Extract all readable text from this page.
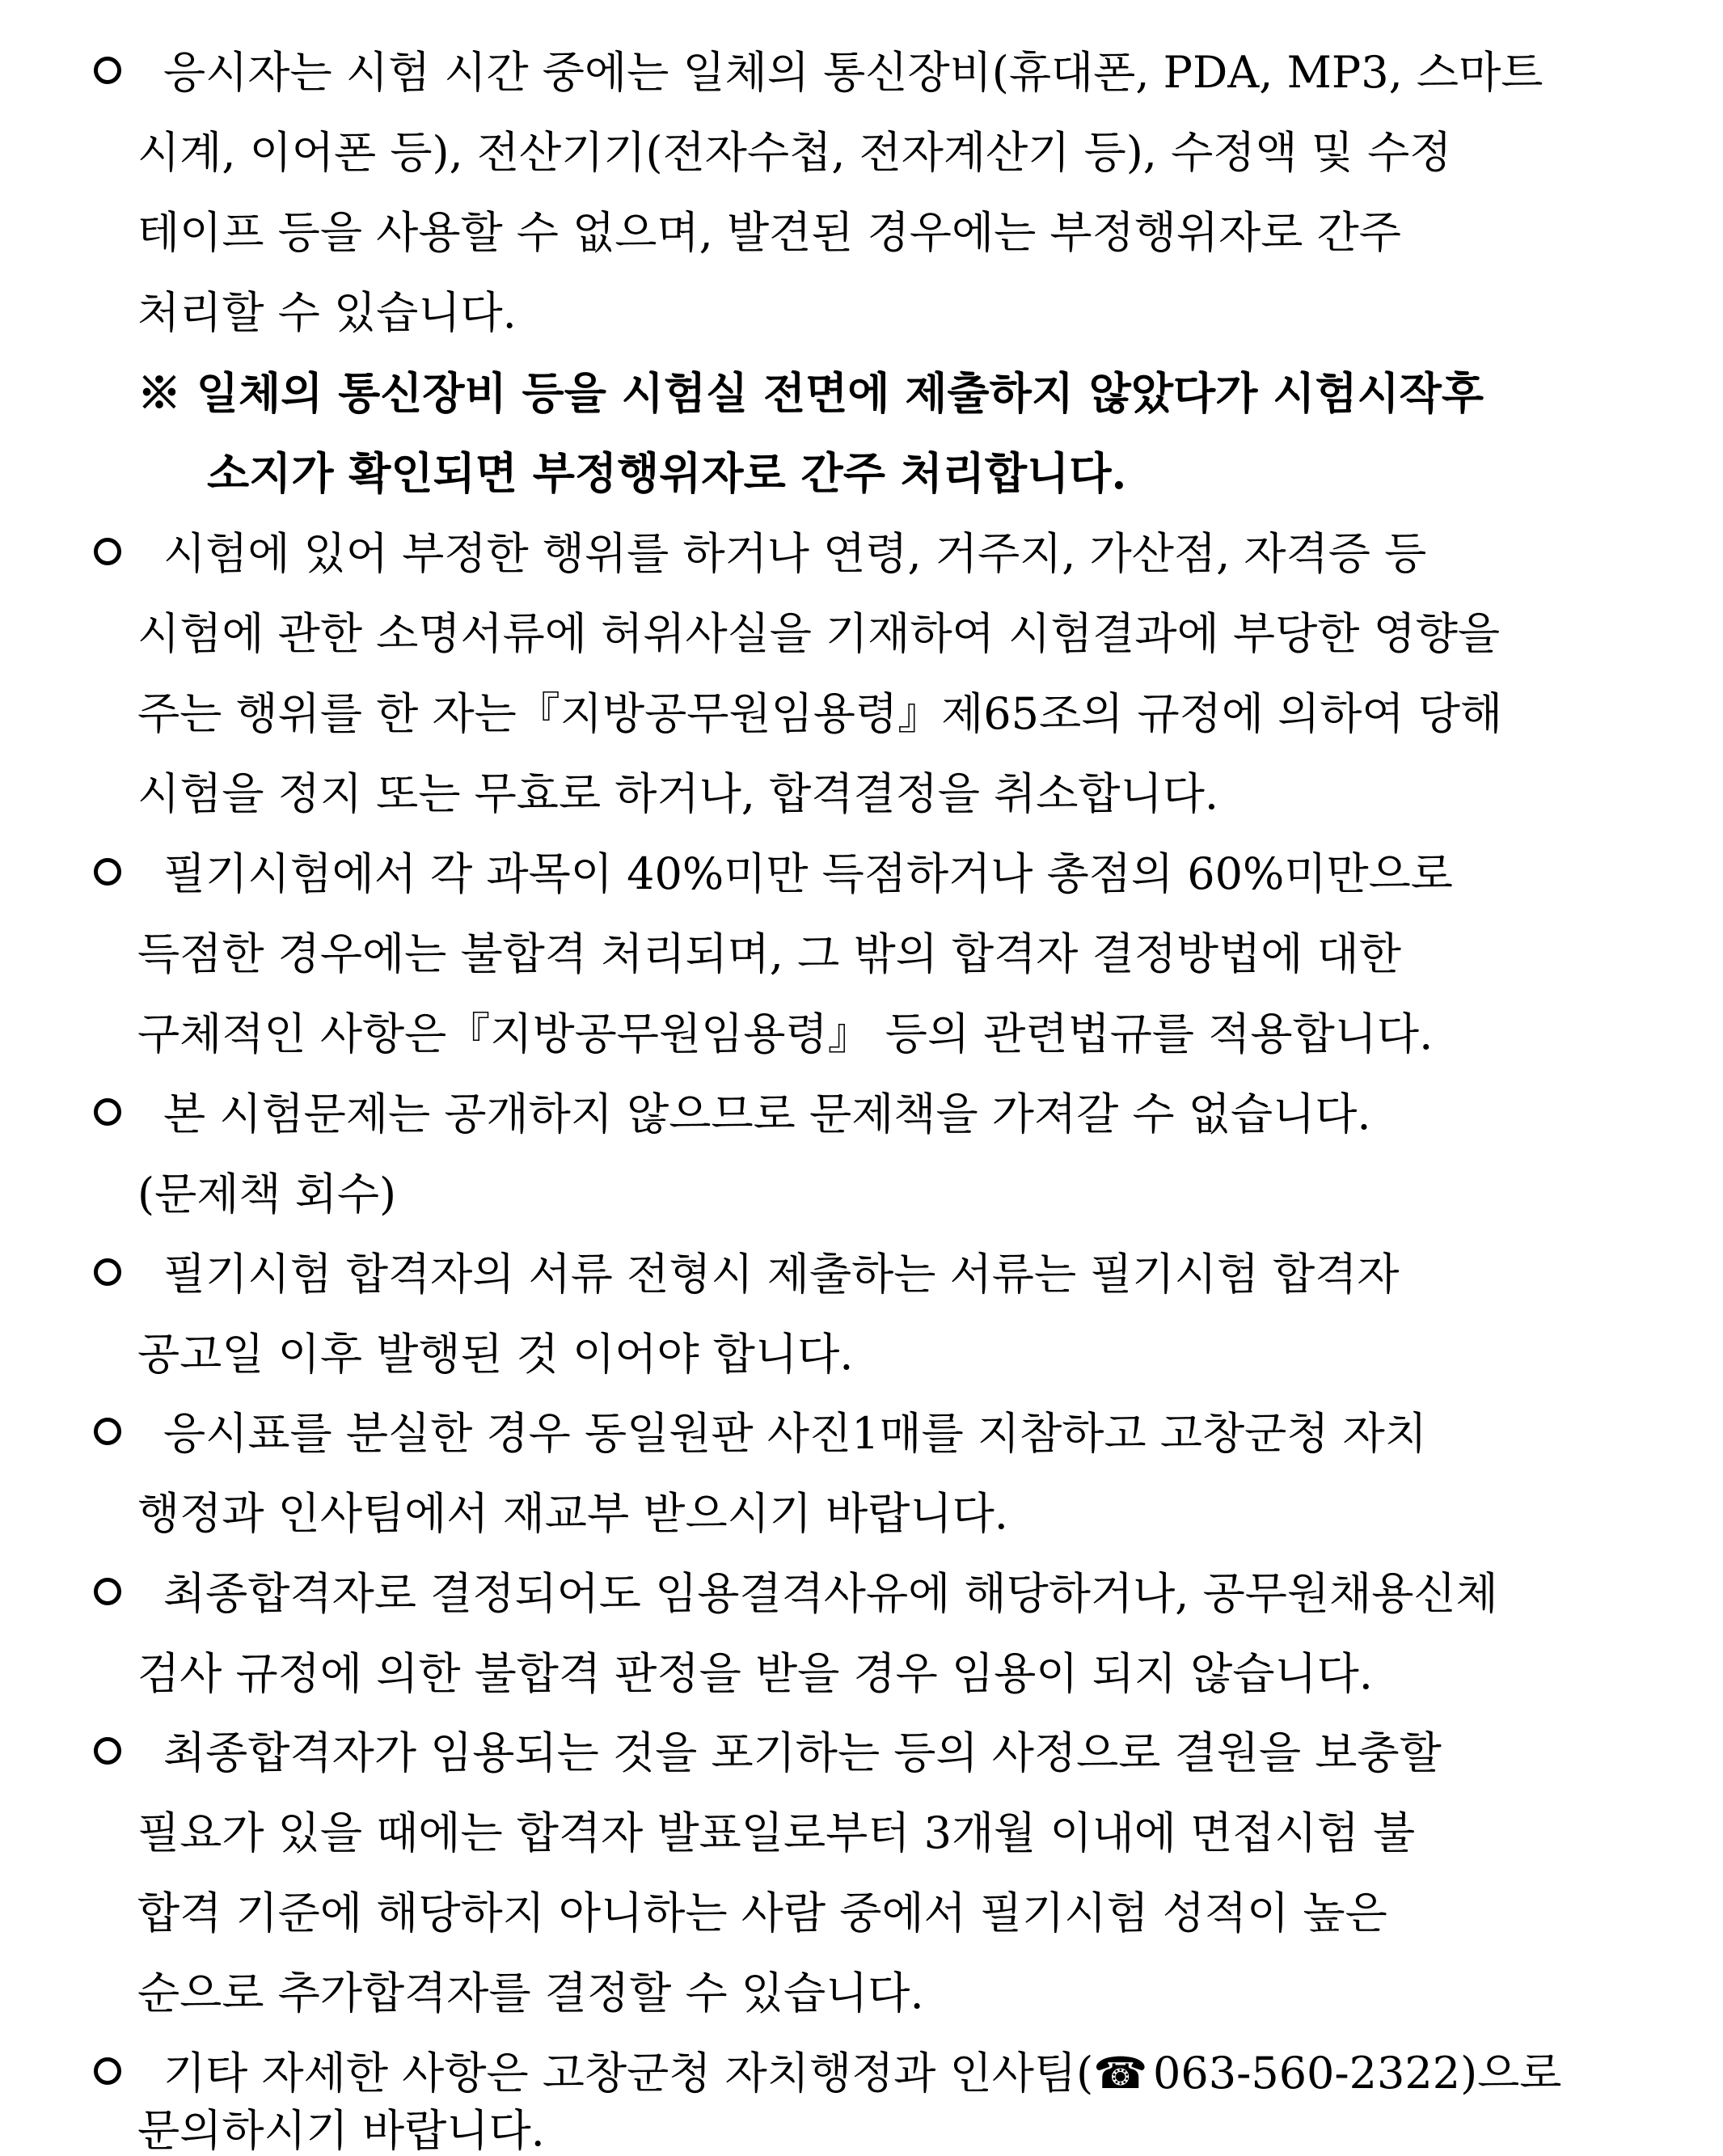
응시자는 시험 시간 중에는 일체의 통신장비(휴대폰, PDA, MP3, 스마트
시계, 이어폰 등), 전산기기(전자수첩, 전자계산기 등), 수정액 및 수정
테이프 등을 사용할 수 없으며, 발견된 경우에는 부정행위자로 간주
처리할 수 있습니다.
※ 일체의 통신장비 등을 시험실 전면에 제출하지 않았다가 시험시작후
소지가 확인되면 부정행위자로 간주 처리합니다.
시험에 있어 부정한 행위를 하거나 연령, 거주지, 가산점, 자격증 등
시험에 관한 소명서류에 허위사실을 기재하여 시험결과에 부당한 영향을
주는 행위를 한 자는『지방공무원임용령』제65조의 규정에 의하여 당해
시험을 정지 또는 무효로 하거나, 합격결정을 취소합니다.
필기시험에서 각 과목이 40%미만 득점하거나 총점의 60%미만으로
득점한 경우에는 불합격 처리되며, 그 밖의 합격자 결정방법에 대한
구체적인 사항은『지방공무원임용령』 등의 관련법규를 적용합니다.
본 시험문제는 공개하지 않으므로 문제책을 가져갈 수 없습니다.
(문제책 회수)
필기시험 합격자의 서류 전형시 제출하는 서류는 필기시험 합격자
공고일 이후 발행된 것 이어야 합니다.
응시표를 분실한 경우 동일원판 사진1매를 지참하고 고창군청 자치
행정과 인사팀에서 재교부 받으시기 바랍니다.
최종합격자로 결정되어도 임용결격사유에 해당하거나, 공무원채용신체
검사 규정에 의한 불합격 판정을 받을 경우 임용이 되지 않습니다.
최종합격자가 임용되는 것을 포기하는 등의 사정으로 결원을 보충할
필요가 있을 때에는 합격자 발표일로부터 3개월 이내에 면접시험 불
합격 기준에 해당하지 아니하는 사람 중에서 필기시험 성적이 높은
순으로 추가합격자를 결정할 수 있습니다.
기타 자세한 사항은 고창군청 자치행정과 인사팀(☎ 063-560-2322)으로
문의하시기 바랍니다.
